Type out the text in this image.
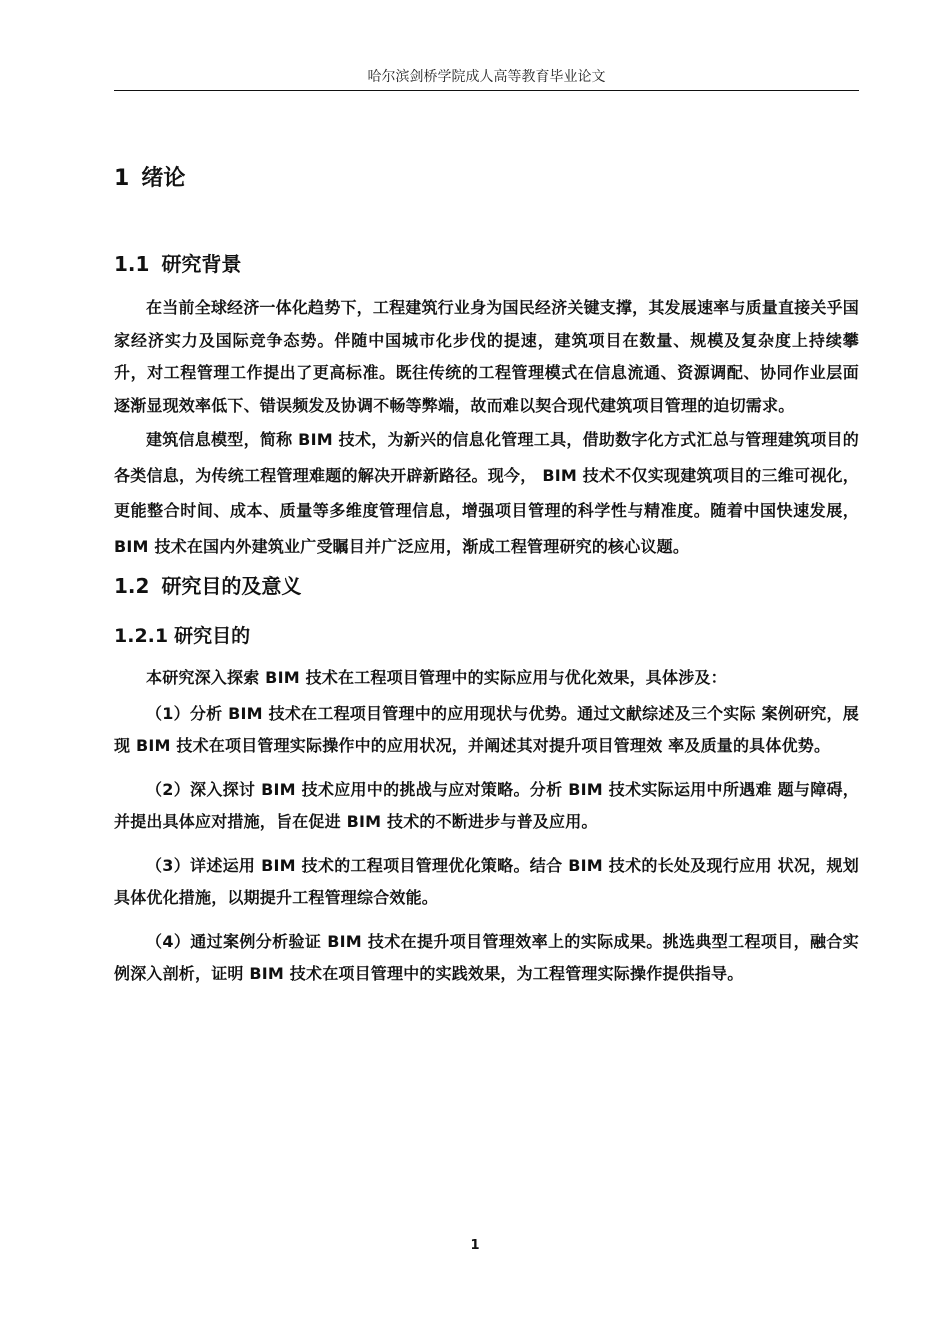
哈尔滨剑桥学院成人高等教育毕业论文
1 绪论
1.1 研究背景

在当前全球经济一体化趋势下，工程建筑行业身为国民经济关键支撑，其发展速率与质量直接关乎国家经济实力及国际竞争态势。伴随中国城市化步伐的提速，建筑项目在数量、规模及复杂度上持续攀升，对工程管理工作提出了更高标准。既往传统的工程管理模式在信息流通、资源调配、协同作业层面逐渐显现效率低下、错误频发及协调不畅等弊端，故而难以契合现代建筑项目管理的迫切需求。

建筑信息模型，简称 BIM 技术，为新兴的信息化管理工具，借助数字化方式汇总与管理建筑项目的各类信息，为传统工程管理难题的解决开辟新路径。现今， BIM 技术不仅实现建筑项目的三维可视化，更能整合时间、成本、质量等多维度管理信息，增强项目管理的科学性与精准度。随着中国快速发展，BIM 技术在国内外建筑业广受瞩目并广泛应用，渐成工程管理研究的核心议题。

1.2 研究目的及意义
1.2.1 研究目的

本研究深入探索 BIM 技术在工程项目管理中的实际应用与优化效果，具体涉及：

（1）分析 BIM 技术在工程项目管理中的应用现状与优势。通过文献综述及三个实际 案例研究，展现 BIM 技术在项目管理实际操作中的应用状况，并阐述其对提升项目管理效 率及质量的具体优势。

（2）深入探讨 BIM 技术应用中的挑战与应对策略。分析 BIM 技术实际运用中所遇难 题与障碍，并提出具体应对措施，旨在促进 BIM 技术的不断进步与普及应用。

（3）详述运用 BIM 技术的工程项目管理优化策略。结合 BIM 技术的长处及现行应用 状况，规划具体优化措施，以期提升工程管理综合效能。

（4）通过案例分析验证 BIM 技术在提升项目管理效率上的实际成果。挑选典型工程项目，融合实例深入剖析，证明 BIM 技术在项目管理中的实践效果，为工程管理实际操作提供指导。

1
